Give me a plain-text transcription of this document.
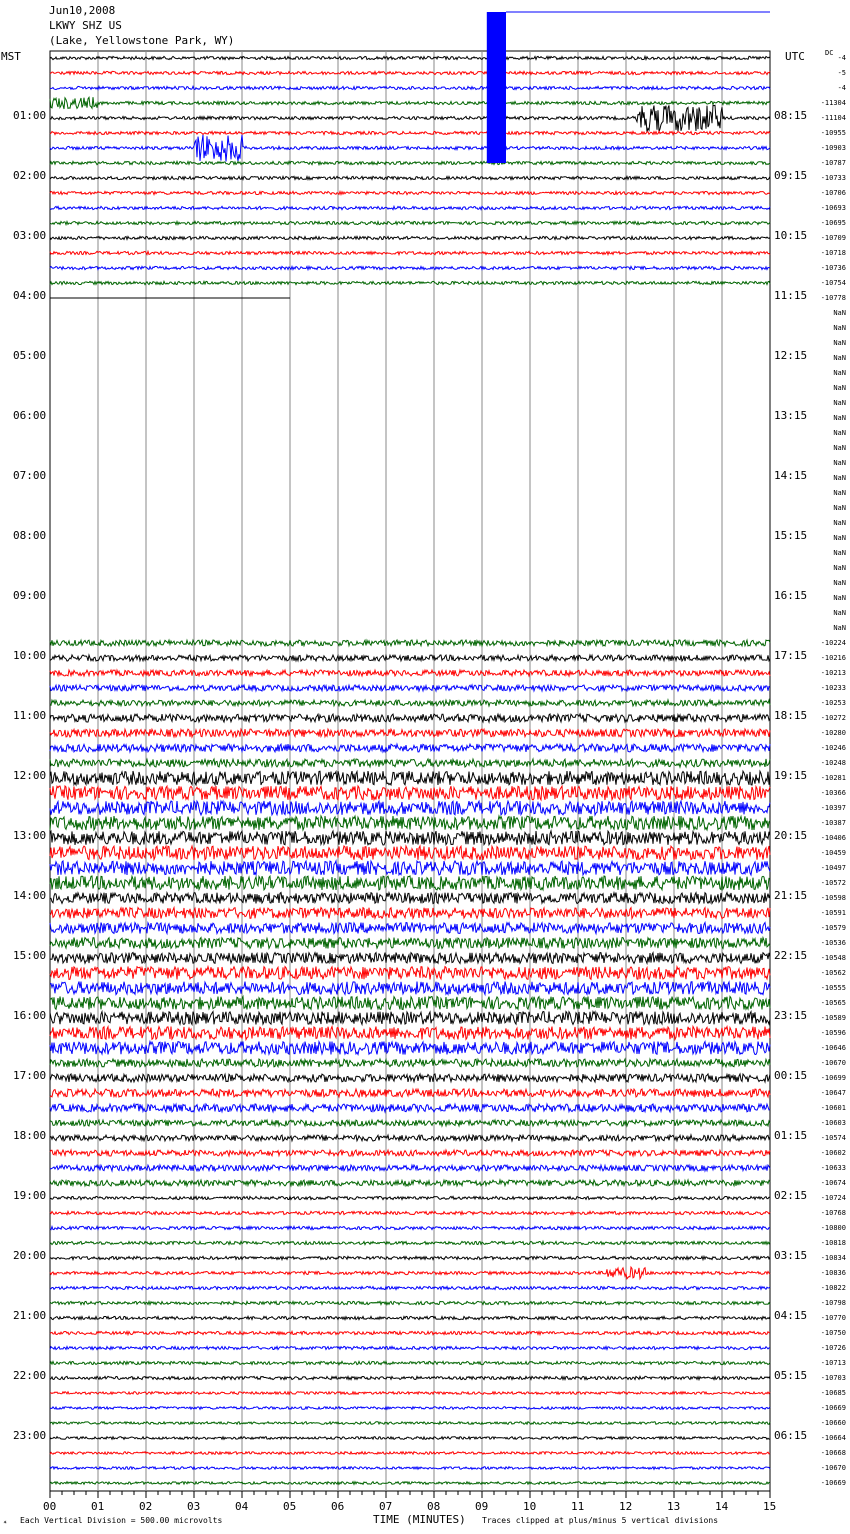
Jun10,2008
LKWY SHZ US
(Lake, Yellowstone Park, WY)
MST	UTC	DC
01:00
02:00
03:00
04:00
05:00
06:00
07:00
08:00
09:00
10:00
11:00
12:00
13:00
14:00
15:00
16:00
17:00
18:00
19:00
20:00
21:00
22:00
23:00
08:15
09:15
10:15
11:15
12:15
13:15
14:15
15:15
16:15
17:15
18:15
19:15
20:15
21:15
22:15
23:15
00:15
01:15
02:15
03:15
04:15
05:15
06:15
-4
-5
-4
-11304
-11104
-10955
-10903
-10787
-10733
-10706
-10693
-10695
-10709
-10718
-10736
-10754
-10778
NaN
NaN
NaN
NaN
NaN
NaN
NaN
NaN
NaN
NaN
NaN
NaN
NaN
NaN
NaN
NaN
NaN
NaN
NaN
NaN
NaN
NaN
-10224
-10216
-10213
-10233
-10253
-10272
-10280
-10246
-10248
-10281
-10366
-10397
-10387
-10406
-10459
-10497
-10572
-10598
-10591
-10579
-10536
-10548
-10562
-10555
-10565
-10589
-10596
-10646
-10670
-10699
-10647
-10601
-10603
-10574
-10602
-10633
-10674
-10724
-10768
-10800
-10818
-10834
-10836
-10822
-10798
-10770
-10750
-10726
-10713
-10703
-10685
-10669
-10660
-10664
-10668
-10670
-10669
00	01	02	03	04	05	06	07	08	09	10	11	12	13	14	15
✴ Each Vertical Division = 500.00 microvolts	TIME (MINUTES) Traces clipped at plus/minus 5 vertical divisions
